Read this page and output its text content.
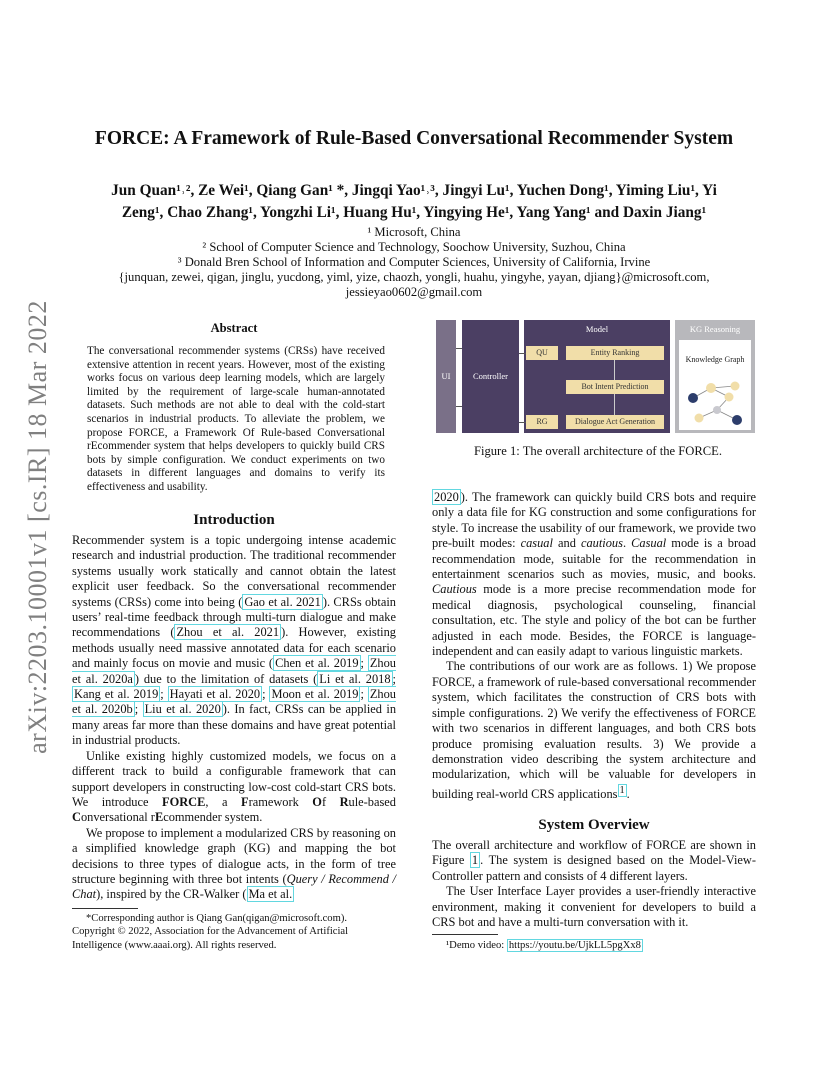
arXiv:2203.10001v1 [cs.IR] 18 Mar 2022
FORCE: A Framework of Rule-Based Conversational Recommender System
Jun Quan¹˒², Ze Wei¹, Qiang Gan¹ *, Jingqi Yao¹˒³, Jingyi Lu¹, Yuchen Dong¹, Yiming Liu¹, Yi
Zeng¹, Chao Zhang¹, Yongzhi Li¹, Huang Hu¹, Yingying He¹, Yang Yang¹ and Daxin Jiang¹
¹ Microsoft, China
² School of Computer Science and Technology, Soochow University, Suzhou, China
³ Donald Bren School of Information and Computer Sciences, University of California, Irvine
{junquan, zewei, qigan, jinglu, yucdong, yiml, yize, chaozh, yongli, huahu, yingyhe, yayan, djiang}@microsoft.com,
jessieyao0602@gmail.com
Abstract
The conversational recommender systems (CRSs) have received extensive attention in recent years. However, most of the existing works focus on various deep learning models, which are largely limited by the requirement of large-scale human-annotated datasets. Such methods are not able to deal with the cold-start scenarios in industrial products. To alleviate the problem, we propose FORCE, a Framework Of Rule-based Conversational rEcommender system that helps developers to quickly build CRS bots by simple configuration. We conduct experiments on two datasets in different languages and domains to verify its effectiveness and usability.
Introduction

Recommender system is a topic undergoing intense academic research and industrial production. The traditional recommender systems usually work statically and cannot obtain the latest explicit user feedback. So the conversational recommender systems (CRSs) come into being ( Gao et al. 2021 ). CRSs obtain users’ real-time feedback through multi-turn dialogue and make recommendations ( Zhou et al. 2021 ). However, existing methods usually need massive annotated data for each scenario and mainly focus on movie and music ( Chen et al. 2019 ; Zhou et al. 2020a ) due to the limitation of datasets ( Li et al. 2018 ; Kang et al. 2019 ; Hayati et al. 2020 ; Moon et al. 2019 ; Zhou et al. 2020b ; Liu et al. 2020 ). In fact, CRSs can be applied in many areas far more than these domains and have great potential in industrial products.

Unlike existing highly customized models, we focus on a different track to build a configurable framework that can support developers in constructing low-cost cold-start CRS bots. We introduce FORCE, a Framework Of Rule-based Conversational rEcommender system.

We propose to implement a modularized CRS by reasoning on a simplified knowledge graph (KG) and mapping the bot decisions to three types of dialogue acts, in the form of tree structure beginning with three bot intents (Query / Recommend / Chat), inspired by the CR-Walker ( Ma et al.

*Corresponding author is Qiang Gan(qigan@microsoft.com).
Copyright © 2022, Association for the Advancement of Artificial Intelligence (www.aaai.org). All rights reserved.
UI	Controller
Model
QU	Entity Ranking
Bot Intent Prediction
RG	Dialogue Act Generation
KG Reasoning
Knowledge Graph
Figure 1: The overall architecture of the FORCE.

2020 ). The framework can quickly build CRS bots and require only a data file for KG construction and some configurations for style. To increase the usability of our framework, we provide two pre-built modes: casual and cautious. Casual mode is a broad recommendation mode, suitable for the recommendation in entertainment scenarios such as movies, music, and books. Cautious mode is a more precise recommendation mode for medical diagnosis, psychological counseling, financial consultation, etc. The style and policy of the bot can be further adjusted in each mode. Besides, the FORCE is language-independent and can easily adapt to various linguistic markets.

The contributions of our work are as follows. 1) We propose FORCE, a framework of rule-based conversational recommender system, which facilitates the construction of CRS bots with simple configurations. 2) We verify the effectiveness of FORCE with two scenarios in different languages, and both CRS bots produce promising evaluation results. 3) We provide a demonstration video describing the system architecture and modularization, which will be valuable for developers in building real-world CRS applications $^1$ .

System Overview

The overall architecture and workflow of FORCE are shown in Figure 1 . The system is designed based on the Model-View-Controller pattern and consists of 4 different layers.

The User Interface Layer provides a user-friendly interactive environment, making it convenient for developers to build a CRS bot and have a multi-turn conversation with it.

¹Demo video: https://youtu.be/UjkLL5pgXx8
